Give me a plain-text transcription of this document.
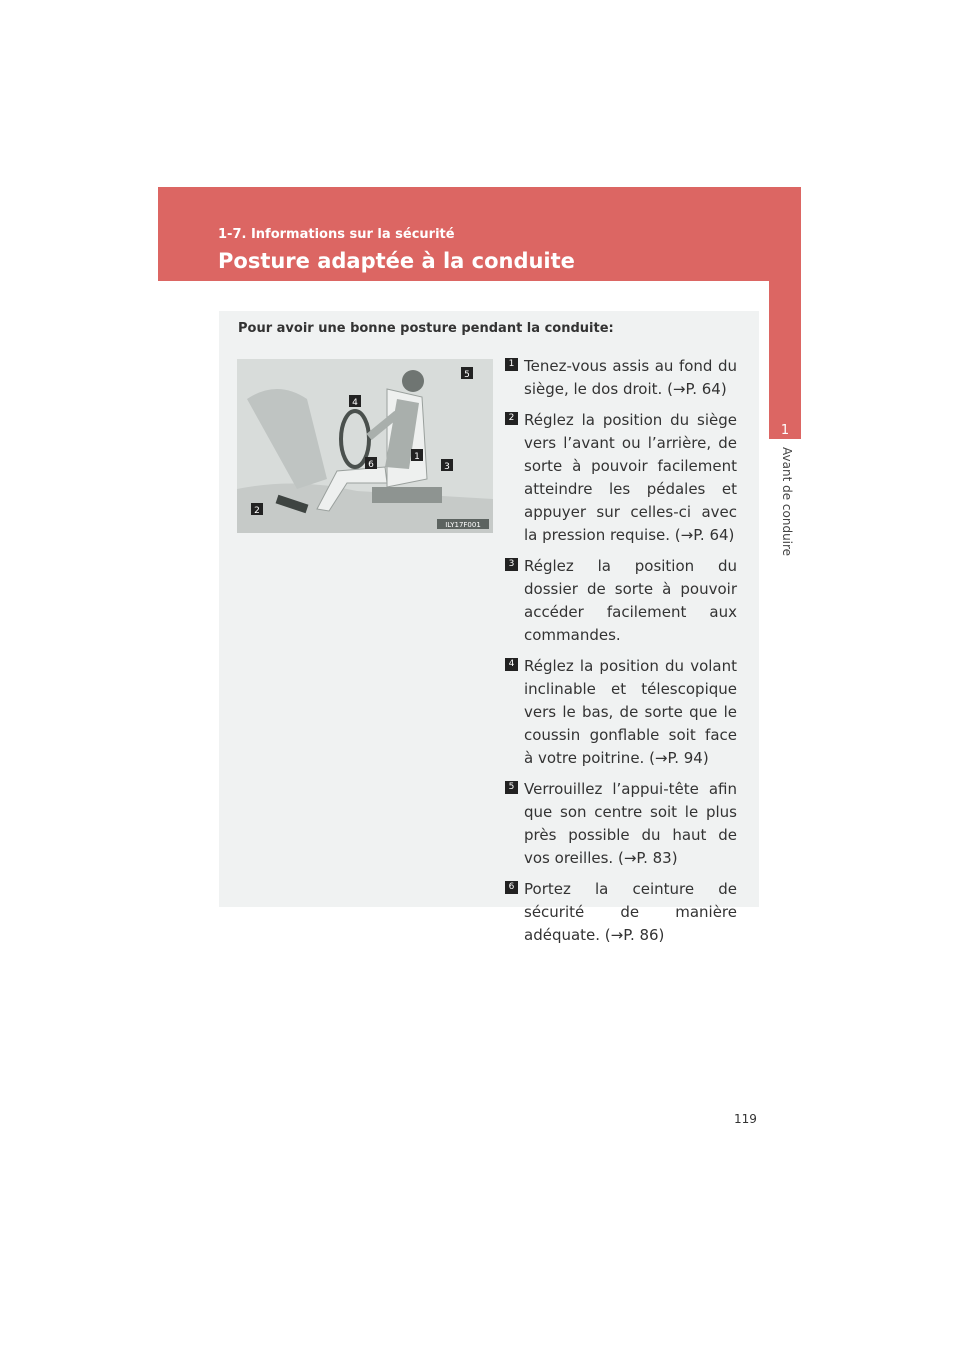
1-7. Informations sur la sécurité
Posture adaptée à la conduite
1
Avant de conduire
Pour avoir une bonne posture pendant la conduite:
5
4
1
3
6
2
ILY17F001
1 Tenez-vous assis au fond du siège, le dos droit. (→P. 64)
2 Réglez la position du siège vers l’avant ou l’arrière, de sorte à pouvoir facilement atteindre les pédales et appuyer sur celles-ci avec la pression requise. (→P. 64)
3 Réglez la position du dossier de sorte à pouvoir accéder facilement aux commandes.
4 Réglez la position du volant inclinable et télescopique vers le bas, de sorte que le coussin gonflable soit face à votre poitrine. (→P. 94)
5 Verrouillez l’appui-tête afin que son centre soit le plus près possible du haut de vos oreilles. (→P. 83)
6 Portez la ceinture de sécurité de manière adéquate. (→P. 86)
119
